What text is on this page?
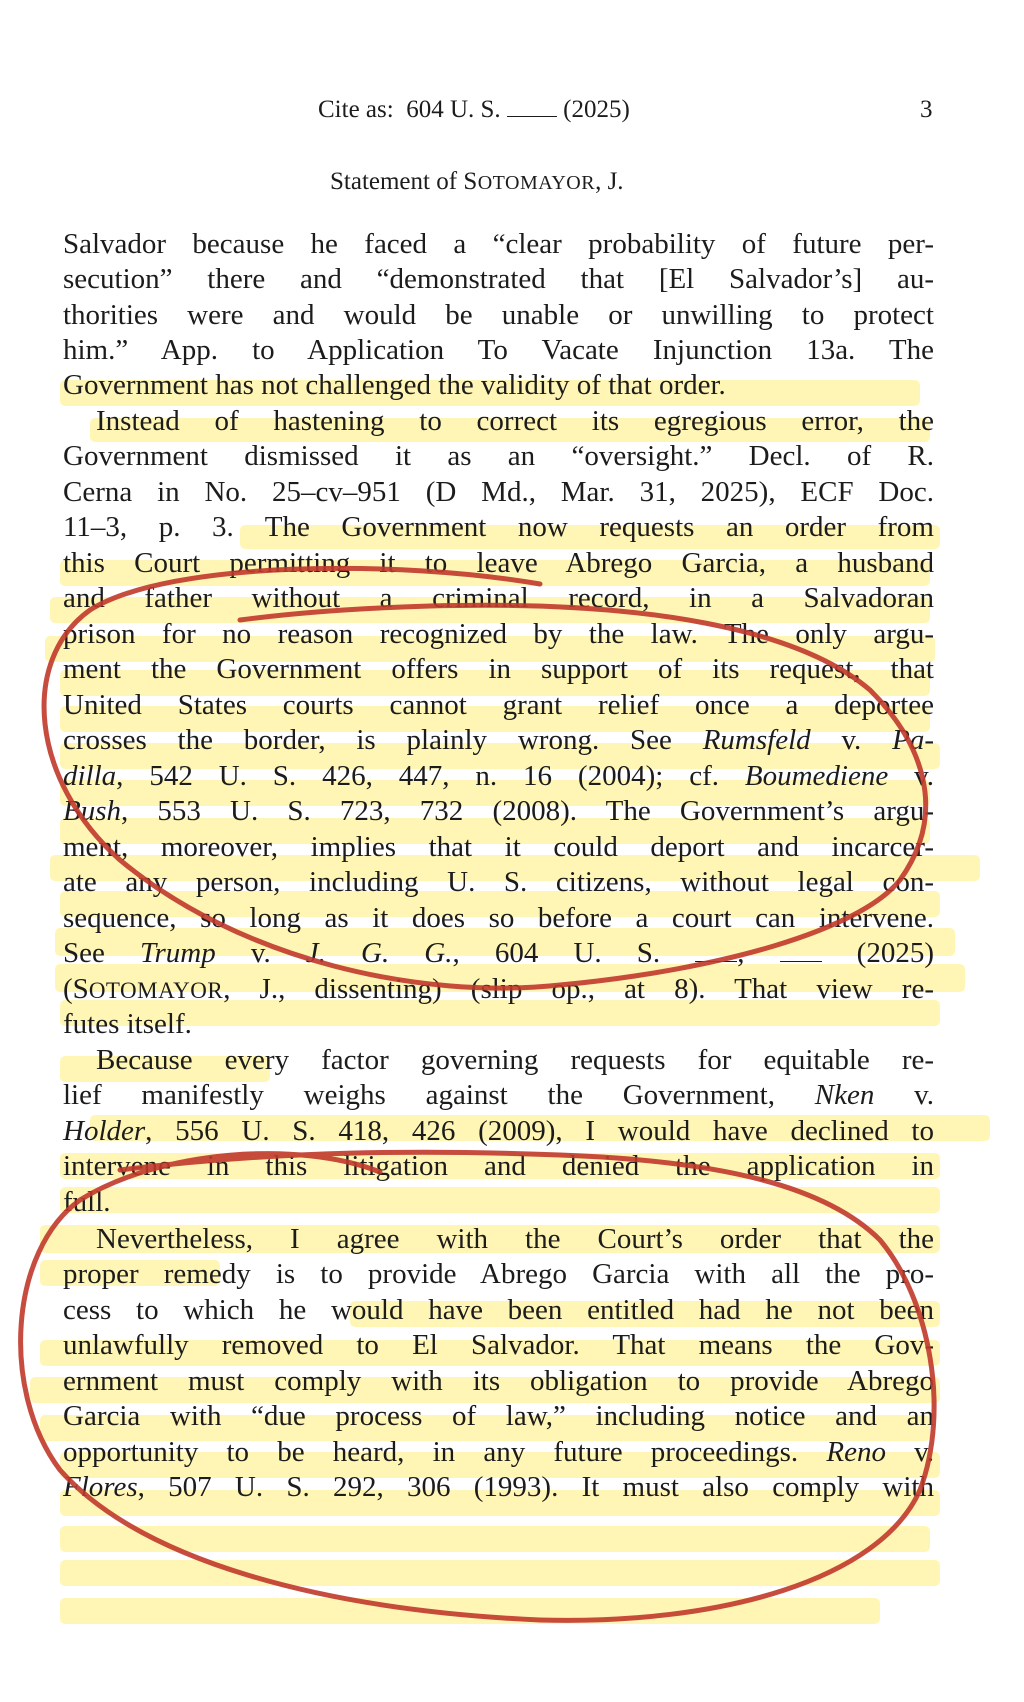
Cite as: 604 U. S.	(2025)	3
Statement of SOTOMAYOR, J.
Salvador because he faced a “clear probability of future per-
secution” there and “demonstrated that [El Salvador’s] au-
thorities were and would be unable or unwilling to protect
him.” App. to Application To Vacate Injunction 13a. The
Government has not challenged the validity of that order.
Instead of hastening to correct its egregious error, the
Government dismissed it as an “oversight.” Decl. of R.
Cerna in No. 25–cv–951 (D Md., Mar. 31, 2025), ECF Doc.
11–3, p. 3. The Government now requests an order from
this Court permitting it to leave Abrego Garcia, a husband
and father without a criminal record, in a Salvadoran
prison for no reason recognized by the law. The only argu-
ment the Government offers in support of its request, that
United States courts cannot grant relief once a deportee
crosses the border, is plainly wrong. See Rumsfeld v. Pa-
dilla, 542 U. S. 426, 447, n. 16 (2004); cf. Boumediene v.
Bush, 553 U. S. 723, 732 (2008). The Government’s argu-
ment, moreover, implies that it could deport and incarcer-
ate any person, including U. S. citizens, without legal con-
sequence, so long as it does so before a court can intervene.
See Trump v. J. G. G., 604 U. S. ,  (2025)
(SOTOMAYOR, J., dissenting) (slip op., at 8). That view re-
futes itself.
Because every factor governing requests for equitable re-
lief manifestly weighs against the Government, Nken v.
Holder, 556 U. S. 418, 426 (2009), I would have declined to
intervene in this litigation and denied the application in
full.
Nevertheless, I agree with the Court’s order that the
proper remedy is to provide Abrego Garcia with all the pro-
cess to which he would have been entitled had he not been
unlawfully removed to El Salvador. That means the Gov-
ernment must comply with its obligation to provide Abrego
Garcia with “due process of law,” including notice and an
opportunity to be heard, in any future proceedings. Reno v.
Flores, 507 U. S. 292, 306 (1993). It must also comply with
